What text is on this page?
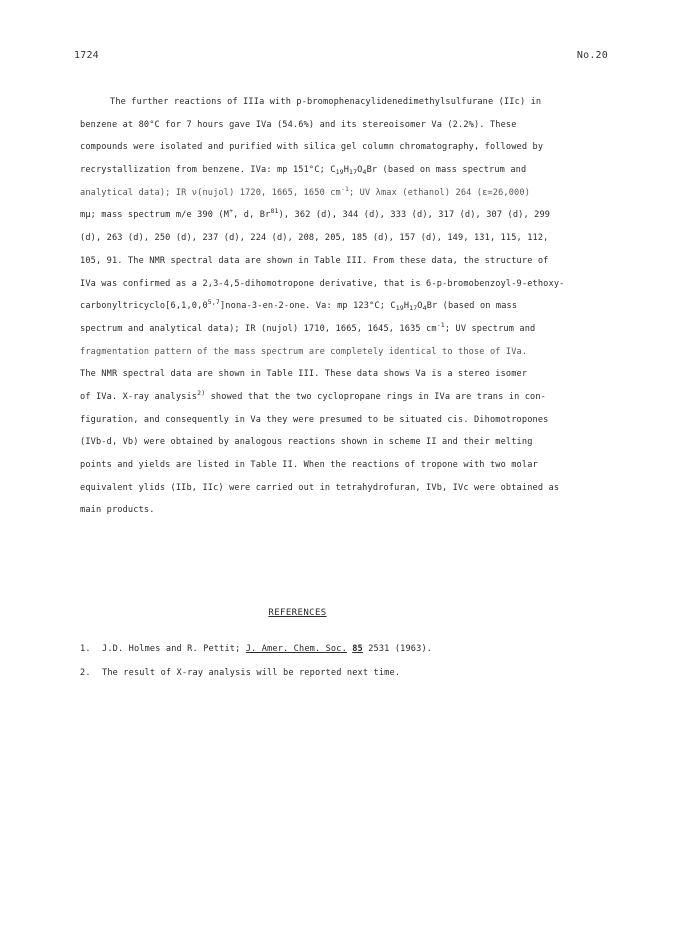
1724	No.20
The further reactions of IIIa with p-bromophenacylidenedimethylsulfurane (IIc) in
benzene at 80°C for 7 hours gave IVa (54.6%) and its stereoisomer Va (2.2%). These
compounds were isolated and purified with silica gel column chromatography, followed by
recrystallization from benzene. IVa: mp 151°C; $C_{19}H_{17}O_4Br$ (based on mass spectrum and
analytical data); IR ν(nujol) 1720, 1665, 1650 $cm^{-1}$; UV λmax (ethanol) 264 (ε=26,000)
mμ; mass spectrum m/e 390 (M+, d, Br$^{81}$), 362 (d), 344 (d), 333 (d), 317 (d), 307 (d), 299
(d), 263 (d), 250 (d), 237 (d), 224 (d), 208, 205, 185 (d), 157 (d), 149, 131, 115, 112,
105, 91. The NMR spectral data are shown in Table III. From these data, the structure of
IVa was confirmed as a 2,3-4,5-dihomotropone derivative, that is 6-p-bromobenzoyl-9-ethoxy-
carbonyltricyclo[6,1,0,0$^{5,7}$]nona-3-en-2-one. Va: mp 123°C; $C_{19}H_{17}O_4Br$ (based on mass
spectrum and analytical data); IR (nujol) 1710, 1665, 1645, 1635 $cm^{-1}$; UV spectrum and
fragmentation pattern of the mass spectrum are completely identical to those of IVa.
The NMR spectral data are shown in Table III. These data shows Va is a stereo isomer
of IVa. X-ray analysis$^{2)}$ showed that the two cyclopropane rings in IVa are trans in con-
figuration, and consequently in Va they were presumed to be situated cis. Dihomotropones
(IVb-d, Vb) were obtained by analogous reactions shown in scheme II and their melting
points and yields are listed in Table II. When the reactions of tropone with two molar
equivalent ylids (IIb, IIc) were carried out in tetrahydrofuran, IVb, IVc were obtained as
main products.
REFERENCES
1. J.D. Holmes and R. Pettit; J. Amer. Chem. Soc. 85 2531 (1963).
2. The result of X-ray analysis will be reported next time.
